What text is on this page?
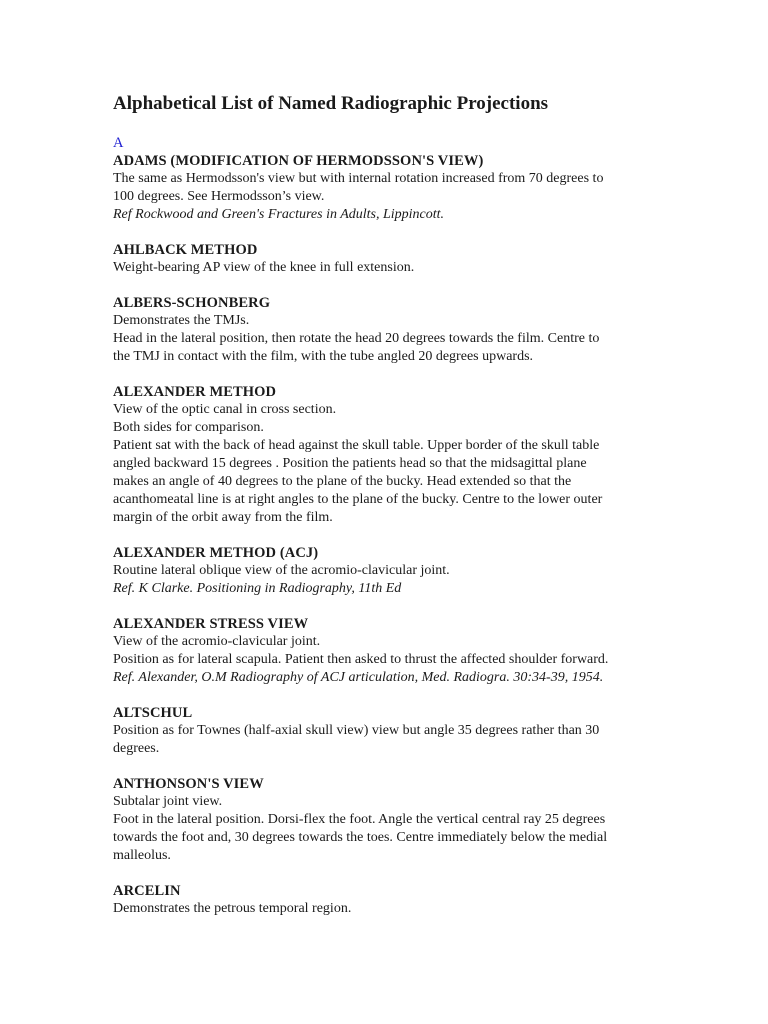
Alphabetical List of Named Radiographic Projections
A
ADAMS (MODIFICATION OF HERMODSSON'S VIEW)
The same as Hermodsson's view but with internal rotation increased from 70 degrees to
100 degrees. See Hermodsson’s view.
Ref Rockwood and Green's Fractures in Adults, Lippincott.
AHLBACK METHOD
Weight-bearing AP view of the knee in full extension.
ALBERS-SCHONBERG
Demonstrates the TMJs.
Head in the lateral position, then rotate the head 20 degrees towards the film. Centre to
the TMJ in contact with the film, with the tube angled 20 degrees upwards.
ALEXANDER METHOD
View of the optic canal in cross section.
Both sides for comparison.
Patient sat with the back of head against the skull table. Upper border of the skull table
angled backward 15 degrees . Position the patients head so that the midsagittal plane
makes an angle of 40 degrees to the plane of the bucky. Head extended so that the
acanthomeatal line is at right angles to the plane of the bucky. Centre to the lower outer
margin of the orbit away from the film.
ALEXANDER METHOD (ACJ)
Routine lateral oblique view of the acromio-clavicular joint.
Ref. K Clarke. Positioning in Radiography, 11th Ed
ALEXANDER STRESS VIEW
View of the acromio-clavicular joint.
Position as for lateral scapula. Patient then asked to thrust the affected shoulder forward.
Ref. Alexander, O.M Radiography of ACJ articulation, Med. Radiogra. 30:34-39, 1954.
ALTSCHUL
Position as for Townes (half-axial skull view) view but angle 35 degrees rather than 30
degrees.
ANTHONSON'S VIEW
Subtalar joint view.
Foot in the lateral position. Dorsi-flex the foot. Angle the vertical central ray 25 degrees
towards the foot and, 30 degrees towards the toes. Centre immediately below the medial
malleolus.
ARCELIN
Demonstrates the petrous temporal region.
